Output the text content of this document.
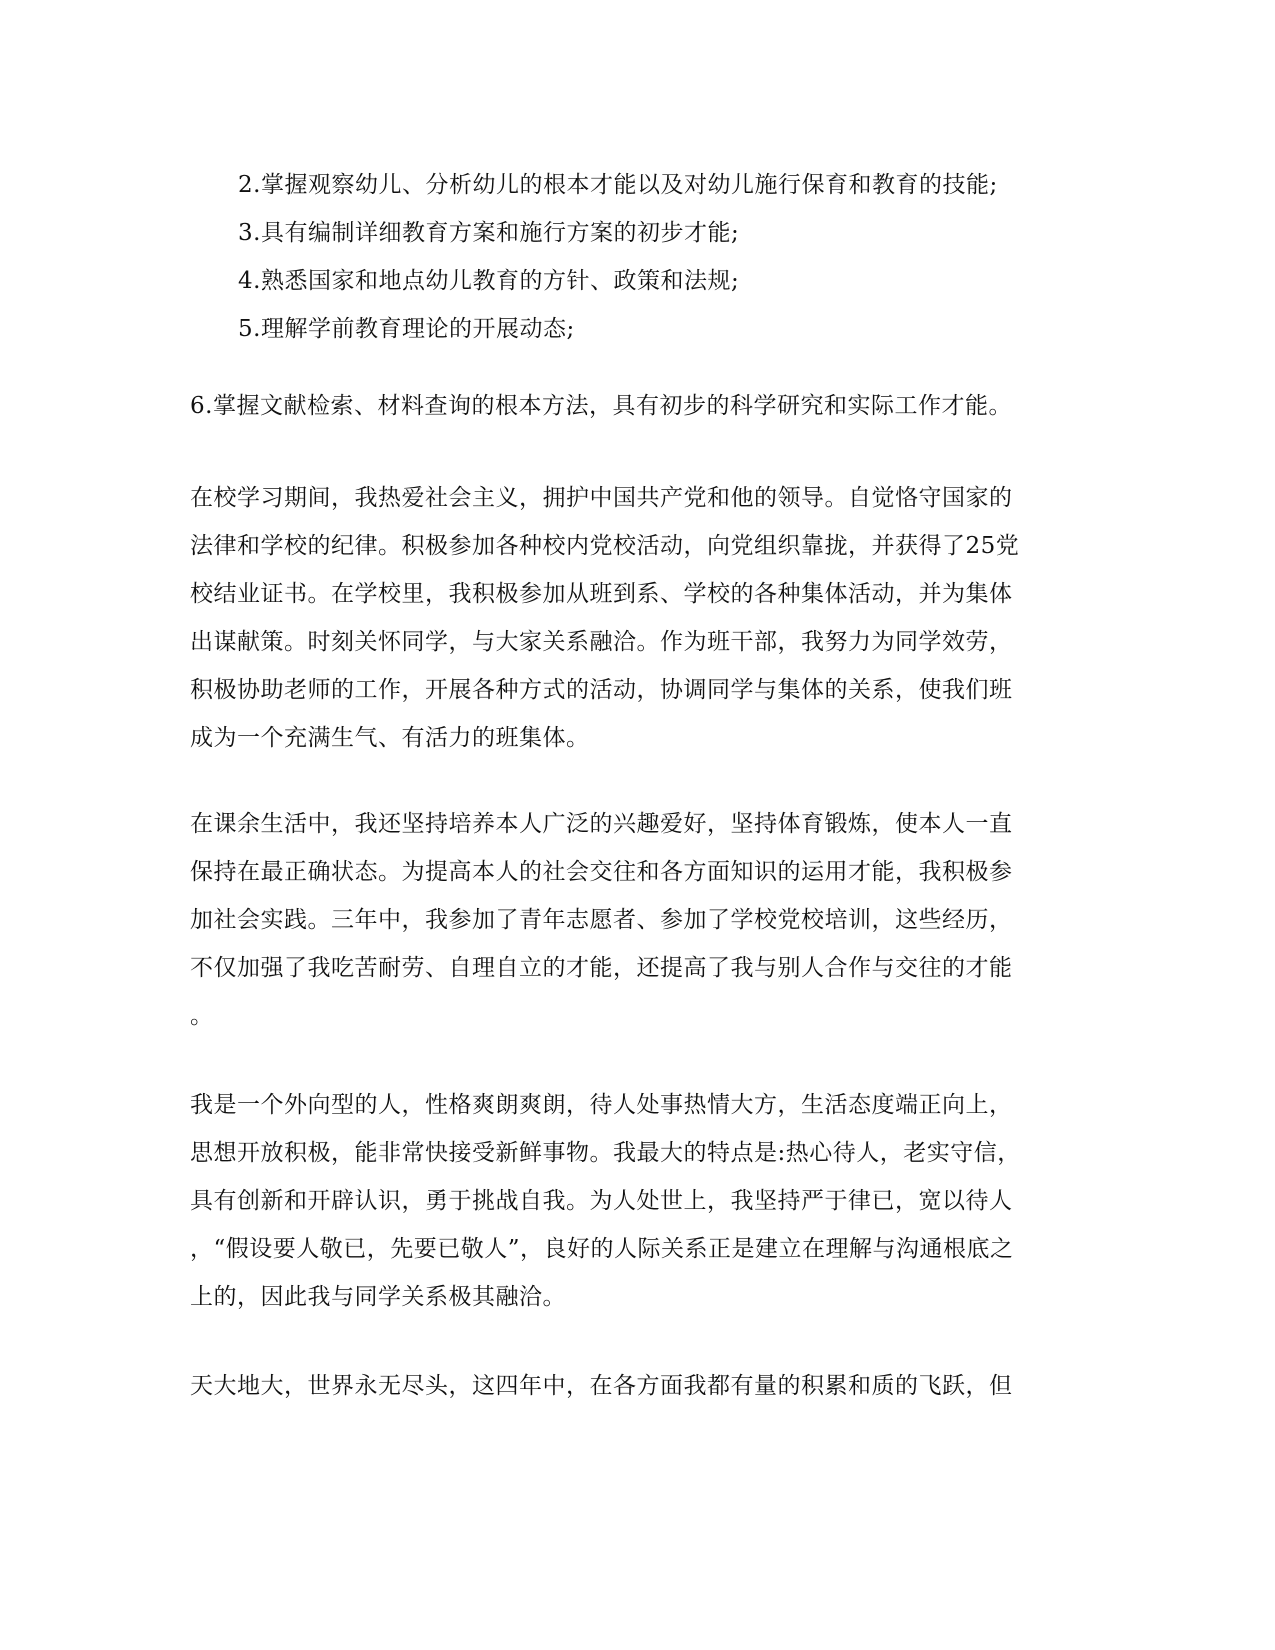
2.掌握观察幼儿、分析幼儿的根本才能以及对幼儿施行保育和教育的技能;
3.具有编制详细教育方案和施行方案的初步才能;
4.熟悉国家和地点幼儿教育的方针、政策和法规;
5.理解学前教育理论的开展动态;
6.掌握文献检索、材料查询的根本方法，具有初步的科学研究和实际工作才能。
在校学习期间，我热爱社会主义，拥护中国共产党和他的领导。自觉恪守国家的
法律和学校的纪律。积极参加各种校内党校活动，向党组织靠拢，并获得了25党
校结业证书。在学校里，我积极参加从班到系、学校的各种集体活动，并为集体
出谋献策。时刻关怀同学，与大家关系融洽。作为班干部，我努力为同学效劳，
积极协助老师的工作，开展各种方式的活动，协调同学与集体的关系，使我们班
成为一个充满生气、有活力的班集体。
在课余生活中，我还坚持培养本人广泛的兴趣爱好，坚持体育锻炼，使本人一直
保持在最正确状态。为提高本人的社会交往和各方面知识的运用才能，我积极参
加社会实践。三年中，我参加了青年志愿者、参加了学校党校培训，这些经历，
不仅加强了我吃苦耐劳、自理自立的才能，还提高了我与别人合作与交往的才能
。
我是一个外向型的人，性格爽朗爽朗，待人处事热情大方，生活态度端正向上，
思想开放积极，能非常快接受新鲜事物。我最大的特点是:热心待人，老实守信，
具有创新和开辟认识，勇于挑战自我。为人处世上，我坚持严于律已，宽以待人
，“假设要人敬已，先要已敬人”，良好的人际关系正是建立在理解与沟通根底之
上的，因此我与同学关系极其融洽。
天大地大，世界永无尽头，这四年中，在各方面我都有量的积累和质的飞跃，但
